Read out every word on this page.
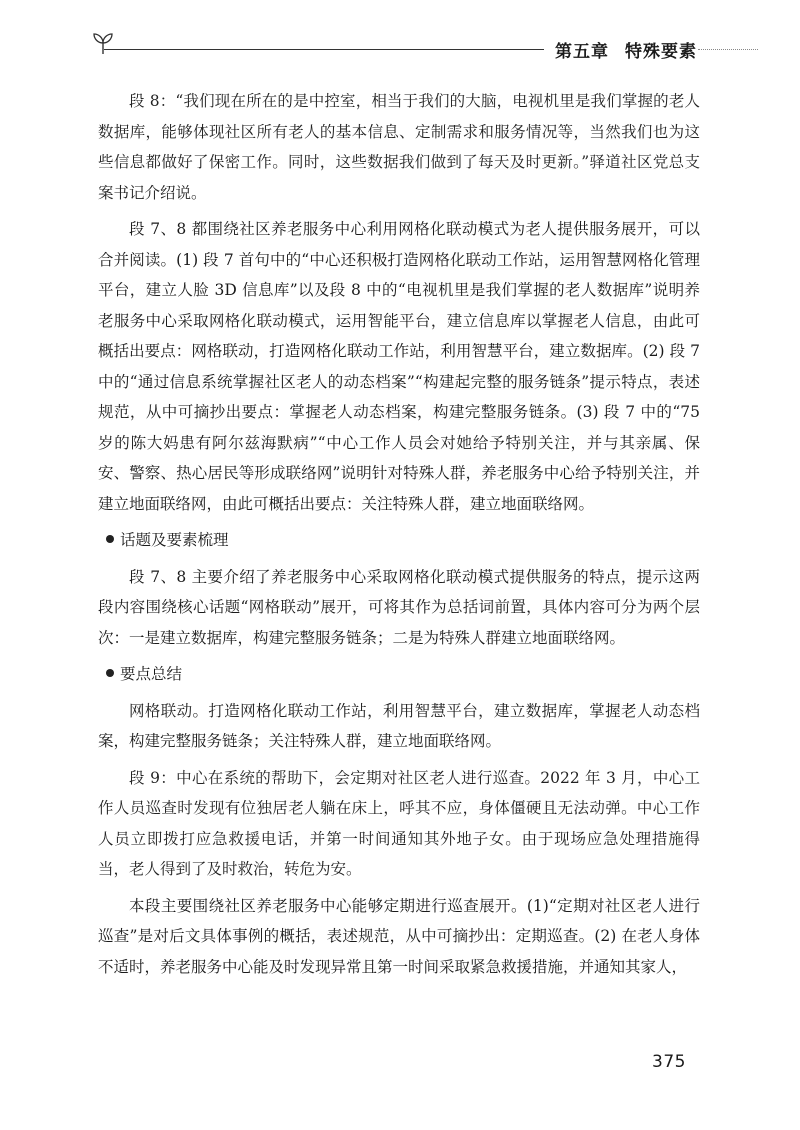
第五章 特殊要素

段 8：“我们现在所在的是中控室，相当于我们的大脑，电视机里是我们掌握的老人数据库，能够体现社区所有老人的基本信息、定制需求和服务情况等，当然我们也为这些信息都做好了保密工作。同时，这些数据我们做到了每天及时更新。”驿道社区党总支案书记介绍说。

段 7、8 都围绕社区养老服务中心利用网格化联动模式为老人提供服务展开，可以合并阅读。(1) 段 7 首句中的“中心还积极打造网格化联动工作站，运用智慧网格化管理平台，建立人脸 3D 信息库”以及段 8 中的“电视机里是我们掌握的老人数据库”说明养老服务中心采取网格化联动模式，运用智能平台，建立信息库以掌握老人信息，由此可概括出要点：网格联动，打造网格化联动工作站，利用智慧平台，建立数据库。(2) 段 7 中的“通过信息系统掌握社区老人的动态档案”“构建起完整的服务链条”提示特点，表述规范，从中可摘抄出要点：掌握老人动态档案，构建完整服务链条。(3) 段 7 中的“75 岁的陈大妈患有阿尔兹海默病”“中心工作人员会对她给予特别关注，并与其亲属、保安、警察、热心居民等形成联络网”说明针对特殊人群，养老服务中心给予特别关注，并建立地面联络网，由此可概括出要点：关注特殊人群，建立地面联络网。

话题及要素梳理

段 7、8 主要介绍了养老服务中心采取网格化联动模式提供服务的特点，提示这两段内容围绕核心话题“网格联动”展开，可将其作为总括词前置，具体内容可分为两个层次：一是建立数据库，构建完整服务链条；二是为特殊人群建立地面联络网。

要点总结

网格联动。打造网格化联动工作站，利用智慧平台，建立数据库，掌握老人动态档案，构建完整服务链条；关注特殊人群，建立地面联络网。

段 9：中心在系统的帮助下，会定期对社区老人进行巡查。2022 年 3 月，中心工作人员巡查时发现有位独居老人躺在床上，呼其不应，身体僵硬且无法动弹。中心工作人员立即拨打应急救援电话，并第一时间通知其外地子女。由于现场应急处理措施得当，老人得到了及时救治，转危为安。

本段主要围绕社区养老服务中心能够定期进行巡查展开。(1)“定期对社区老人进行巡查”是对后文具体事例的概括，表述规范，从中可摘抄出：定期巡查。(2) 在老人身体不适时，养老服务中心能及时发现异常且第一时间采取紧急救援措施，并通知其家人，

375
